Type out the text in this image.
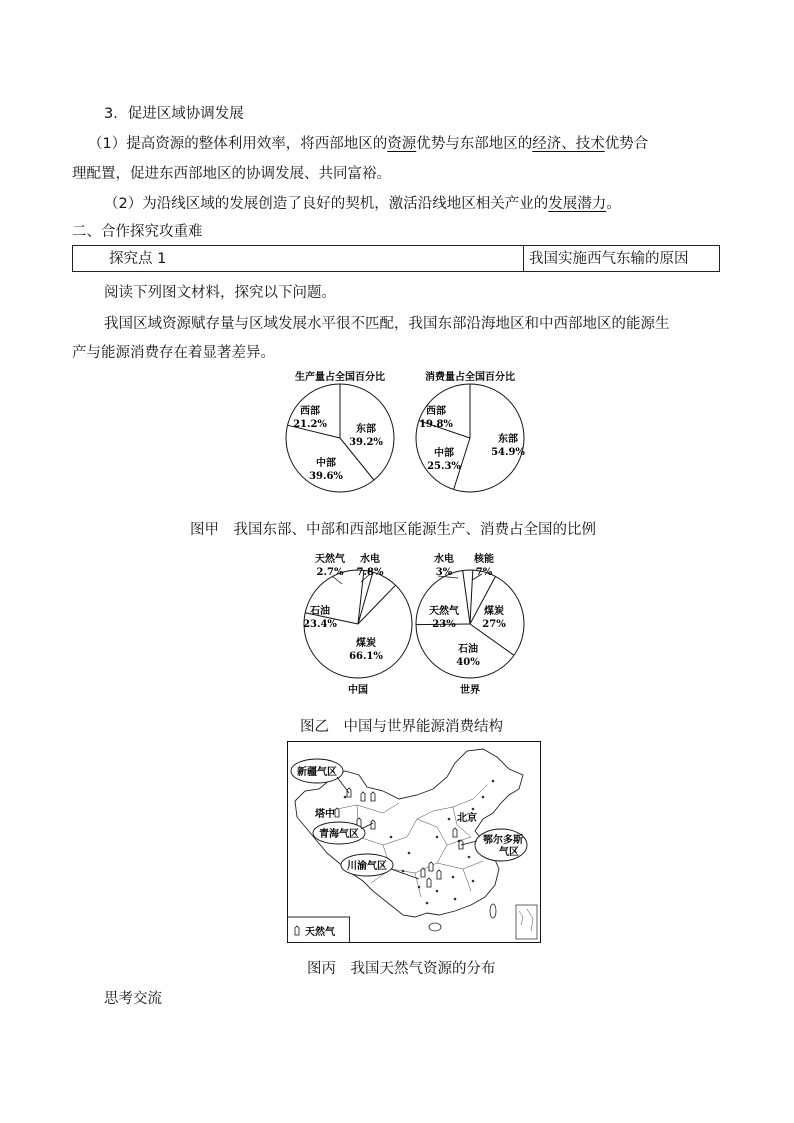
3．促进区域协调发展
（1）提高资源的整体利用效率，将西部地区的资源优势与东部地区的经济、技术优势合
理配置，促进东西部地区的协调发展、共同富裕。
（2）为沿线区域的发展创造了良好的契机，激活沿线地区相关产业的发展潜力。
二、合作探究攻重难
探究点 1	我国实施西气东输的原因
阅读下列图文材料，探究以下问题。
我国区域资源赋存量与区域发展水平很不匹配，我国东部沿海地区和中西部地区的能源生
产与能源消费存在着显著差异。
生产量占全国百分比	消费量占全国百分比
西部
21.2%	东部
39.2%
中部
39.6%
西部
19.8%
东部
54.9%
中部
25.3%
图甲　我国东部、中部和西部地区能源生产、消费占全国的比例
天然气
2.7%
水电
7.8%
石油
23.4%
煤炭
66.1%
中国
水电
3%
核能
7%
天然气
23%
煤炭
27%
石油
40%
世界
图乙　中国与世界能源消费结构
新疆气区
塔中
青海气区
川渝气区
北京
鄂尔多斯
气区
天然气
图丙　我国天然气资源的分布
思考交流
